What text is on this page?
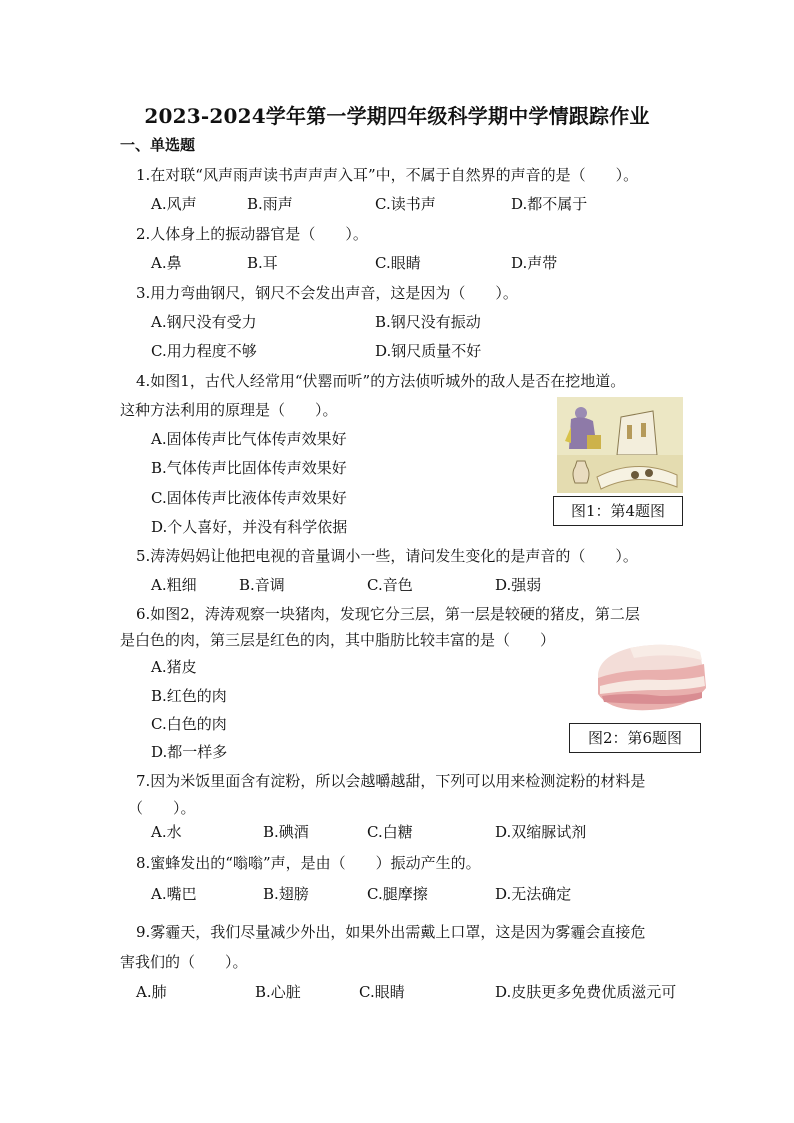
2023-2024学年第一学期四年级科学期中学情跟踪作业
一、单选题
1.在对联“风声雨声读书声声声入耳”中，不属于自然界的声音的是（　　）。
A.风声	B.雨声	C.读书声	D.都不属于
2.人体身上的振动器官是（　　）。
A.鼻	B.耳	C.眼睛	D.声带
3.用力弯曲钢尺，钢尺不会发出声音，这是因为（　　）。
A.钢尺没有受力	B.钢尺没有振动
C.用力程度不够	D.钢尺质量不好
4.如图1，古代人经常用“伏罂而听”的方法侦听城外的敌人是否在挖地道。
这种方法利用的原理是（　　）。
A.固体传声比气体传声效果好
B.气体传声比固体传声效果好
C.固体传声比液体传声效果好
D.个人喜好，并没有科学依据
图1：第4题图
5.涛涛妈妈让他把电视的音量调小一些，请问发生变化的是声音的（　　）。
A.粗细	B.音调	C.音色	D.强弱
6.如图2，涛涛观察一块猪肉，发现它分三层，第一层是较硬的猪皮，第二层
是白色的肉，第三层是红色的肉，其中脂肪比较丰富的是（　　）
A.猪皮
B.红色的肉
C.白色的肉
D.都一样多
图2：第6题图
7.因为米饭里面含有淀粉，所以会越嚼越甜，下列可以用来检测淀粉的材料是
（　　）。
A.水	B.碘酒	C.白糖	D.双缩脲试剂
8.蜜蜂发出的“嗡嗡”声，是由（　　）振动产生的。
A.嘴巴	B.翅膀	C.腿摩擦	D.无法确定
9.雾霾天，我们尽量减少外出，如果外出需戴上口罩，这是因为雾霾会直接危
害我们的（　　）。
A.肺	B.心脏	C.眼睛	D.皮肤更多免费优质滋元可
